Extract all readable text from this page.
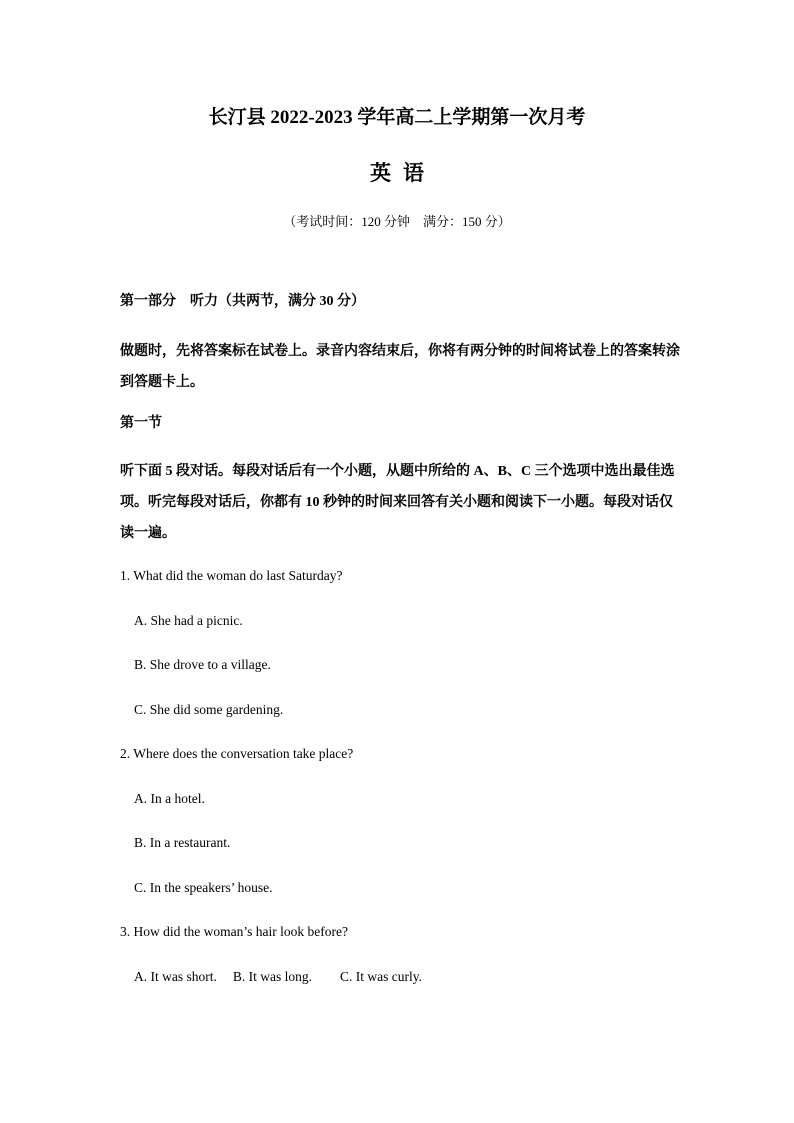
长汀县 2022-2023 学年高二上学期第一次月考
英语

（考试时间：120 分钟　满分：150 分）

第一部分　听力（共两节，满分 30 分）

做题时，先将答案标在试卷上。录音内容结束后，你将有两分钟的时间将试卷上的答案转涂到答题卡上。

第一节

听下面 5 段对话。每段对话后有一个小题，从题中所给的 A、B、C 三个选项中选出最佳选项。听完每段对话后，你都有 10 秒钟的时间来回答有关小题和阅读下一小题。每段对话仅读一遍。

1. What did the woman do last Saturday?

A. She had a picnic.

B. She drove to a village.

C. She did some gardening.

2. Where does the conversation take place?

A. In a hotel.

B. In a restaurant.

C. In the speakers’ house.

3. How did the woman’s hair look before?

A. It was short. B. It was long. C. It was curly.
